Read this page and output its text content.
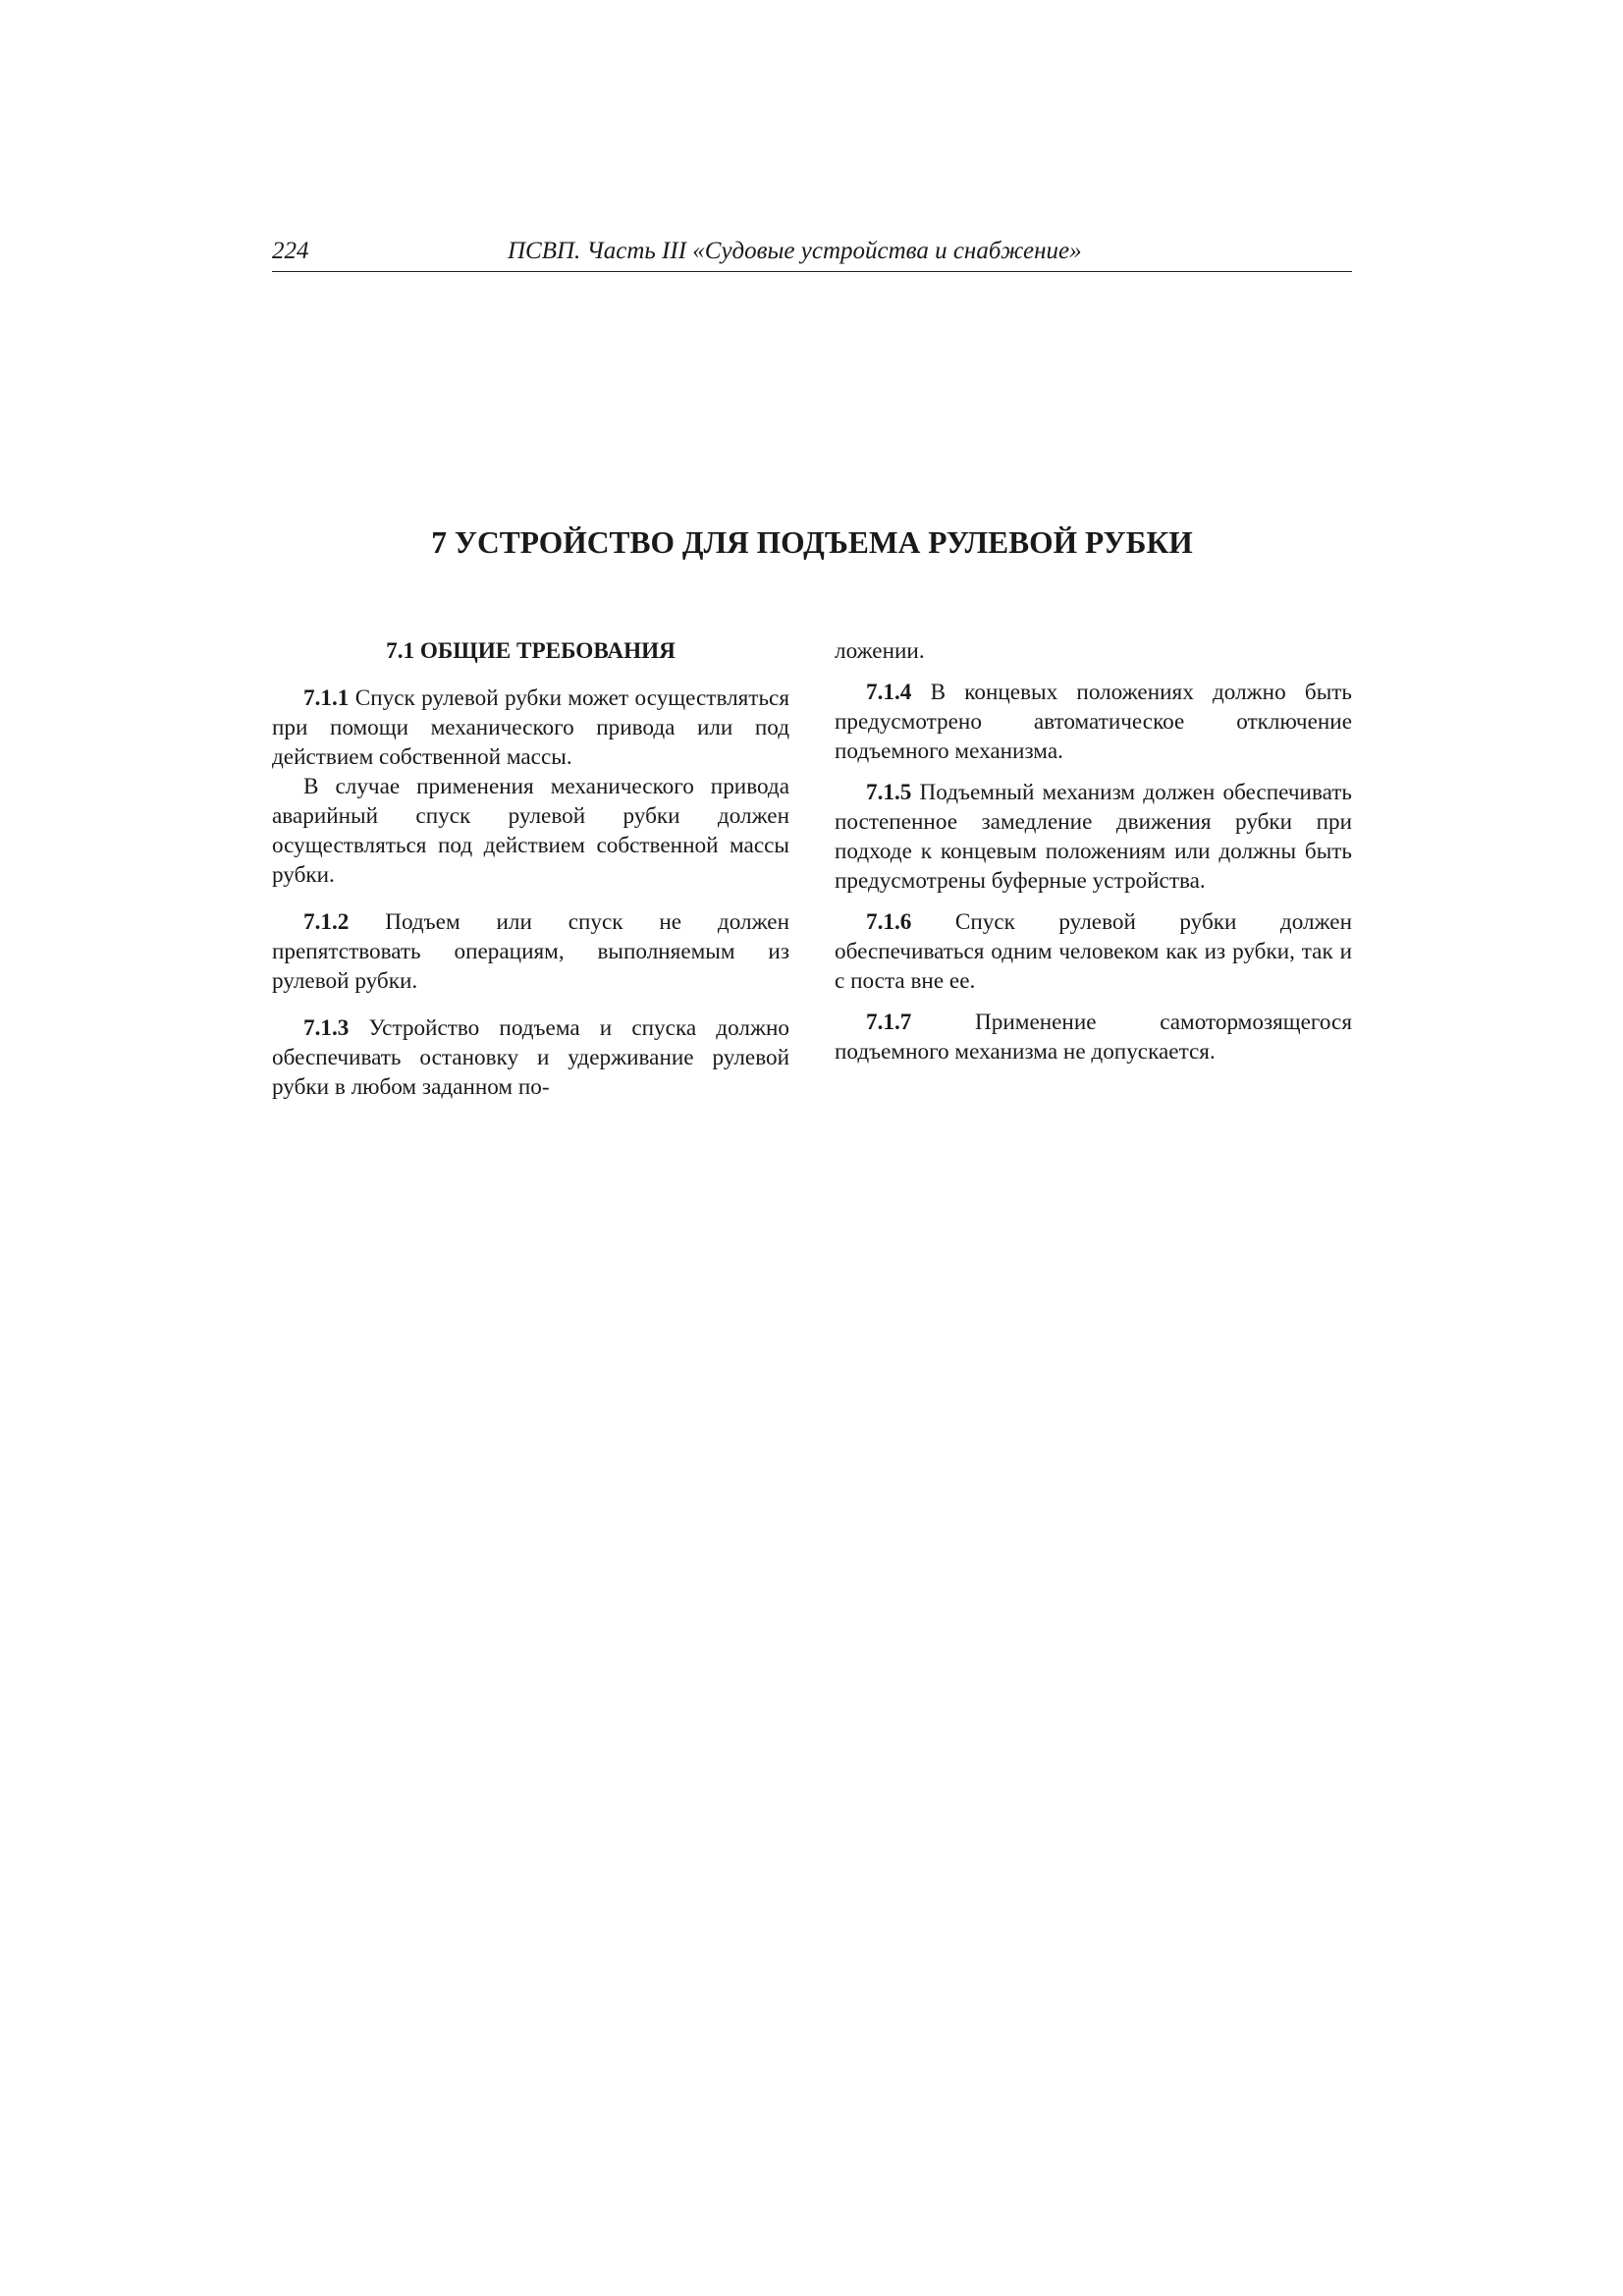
224	ПСВП. Часть III «Судовые устройства и снабжение»
7 УСТРОЙСТВО ДЛЯ ПОДЪЕМА РУЛЕВОЙ РУБКИ
7.1 ОБЩИЕ ТРЕБОВАНИЯ

7.1.1 Спуск рулевой рубки может осуществляться при помощи механического привода или под действием собственной массы.

В случае применения механического привода аварийный спуск рулевой рубки должен осуществляться под действием собственной массы рубки.

7.1.2 Подъем или спуск не должен препятствовать операциям, выполняемым из рулевой рубки.

7.1.3 Устройство подъема и спуска должно обеспечивать остановку и удерживание рулевой рубки в любом заданном по-

ложении.

7.1.4 В концевых положениях должно быть предусмотрено автоматическое отключение подъемного механизма.

7.1.5 Подъемный механизм должен обеспечивать постепенное замедление движения рубки при подходе к концевым положениям или должны быть предусмотрены буферные устройства.

7.1.6 Спуск рулевой рубки должен обеспечиваться одним человеком как из рубки, так и с поста вне ее.

7.1.7 Применение самотормозящегося подъемного механизма не допускается.
